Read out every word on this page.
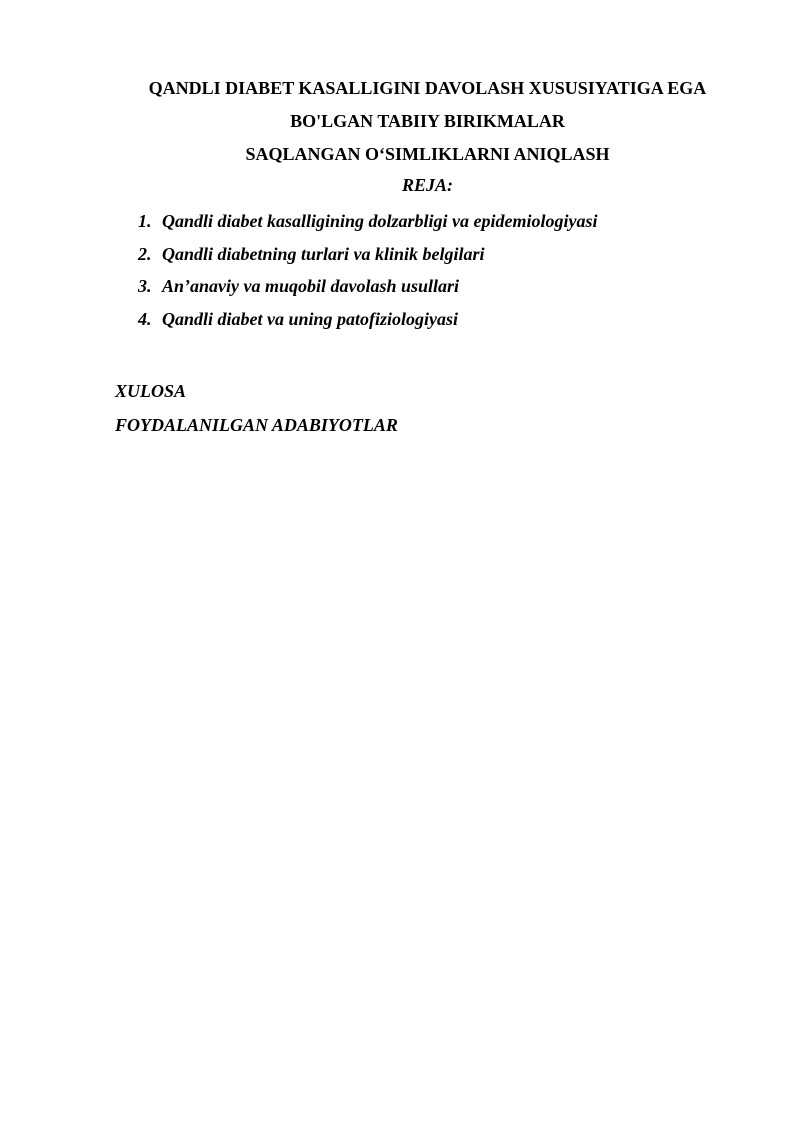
QANDLI DIABET KASALLIGINI DAVOLASH XUSUSIYATIGA EGA
BO'LGAN TABIIY BIRIKMALAR
SAQLANGAN O‘SIMLIKLARNI ANIQLASH
REJA:
1. Qandli diabet kasalligining dolzarbligi va epidemiologiyasi
2. Qandli diabetning turlari va klinik belgilari
3. An’anaviy va muqobil davolash usullari
4. Qandli diabet va uning patofiziologiyasi
XULOSA
FOYDALANILGAN ADABIYOTLAR
